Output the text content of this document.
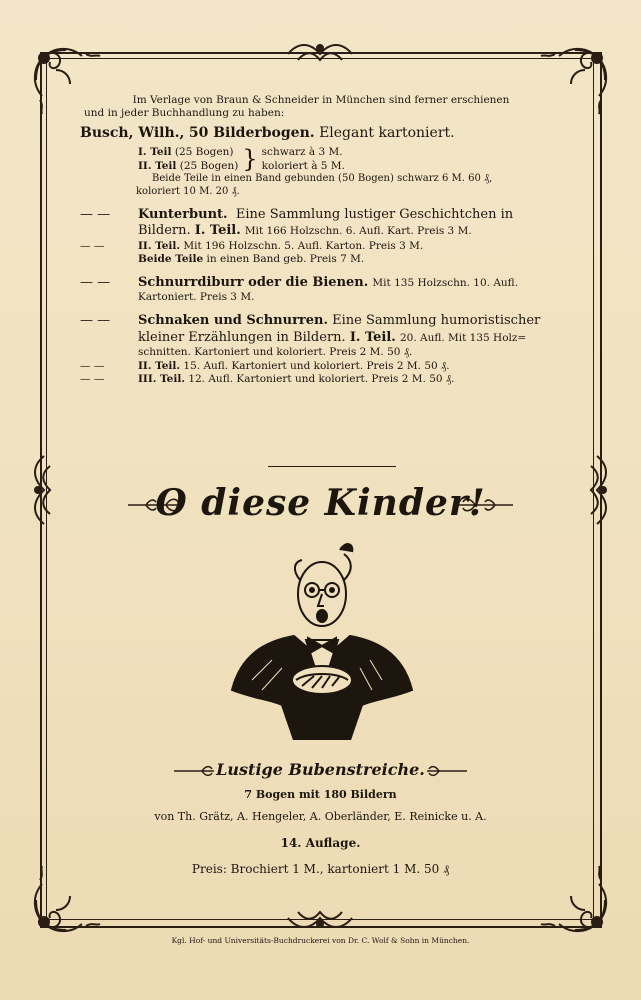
Im Verlage von Braun & Schneider in München sind ferner erschienen
und in jeder Buchhandlung zu haben:
Busch, Wilh., 50 Bilderbogen. Elegant kartoniert.
I. Teil (25 Bogen)
II. Teil (25 Bogen) } schwarz à 3 M.
koloriert à 5 M.
Beide Teile in einen Band gebunden (50 Bogen) schwarz 6 M. 60 ₰,
koloriert 10 M. 20 ₰.
— — Kunterbunt. Eine Sammlung lustiger Geschichtchen in
Bildern. I. Teil. Mit 166 Holzschn. 6. Aufl. Kart. Preis 3 M.
— —	II. Teil. Mit 196 Holzschn. 5. Aufl. Karton. Preis 3 M.
Beide Teile in einen Band geb. Preis 7 M.
— — Schnurrdiburr oder die Bienen. Mit 135 Holzschn. 10. Aufl.
Kartoniert. Preis 3 M.
— — Schnaken und Schnurren. Eine Sammlung humoristischer
kleiner Erzählungen in Bildern. I. Teil. 20. Aufl. Mit 135 Holz=
schnitten. Kartoniert und koloriert. Preis 2 M. 50 ₰.
— —	II. Teil. 15. Aufl. Kartoniert und koloriert. Preis 2 M. 50 ₰.
— —	III. Teil. 12. Aufl. Kartoniert und koloriert. Preis 2 M. 50 ₰.
O diese Kinder!
Lustige Bubenstreiche.
7 Bogen mit 180 Bildern
von Th. Grätz, A. Hengeler, A. Oberländer, E. Reinicke u. A.
14. Auflage.
Preis: Brochiert 1 M., kartoniert 1 M. 50 ₰
Kgl. Hof- und Universitäts-Buchdruckerei von Dr. C. Wolf & Sohn in München.
